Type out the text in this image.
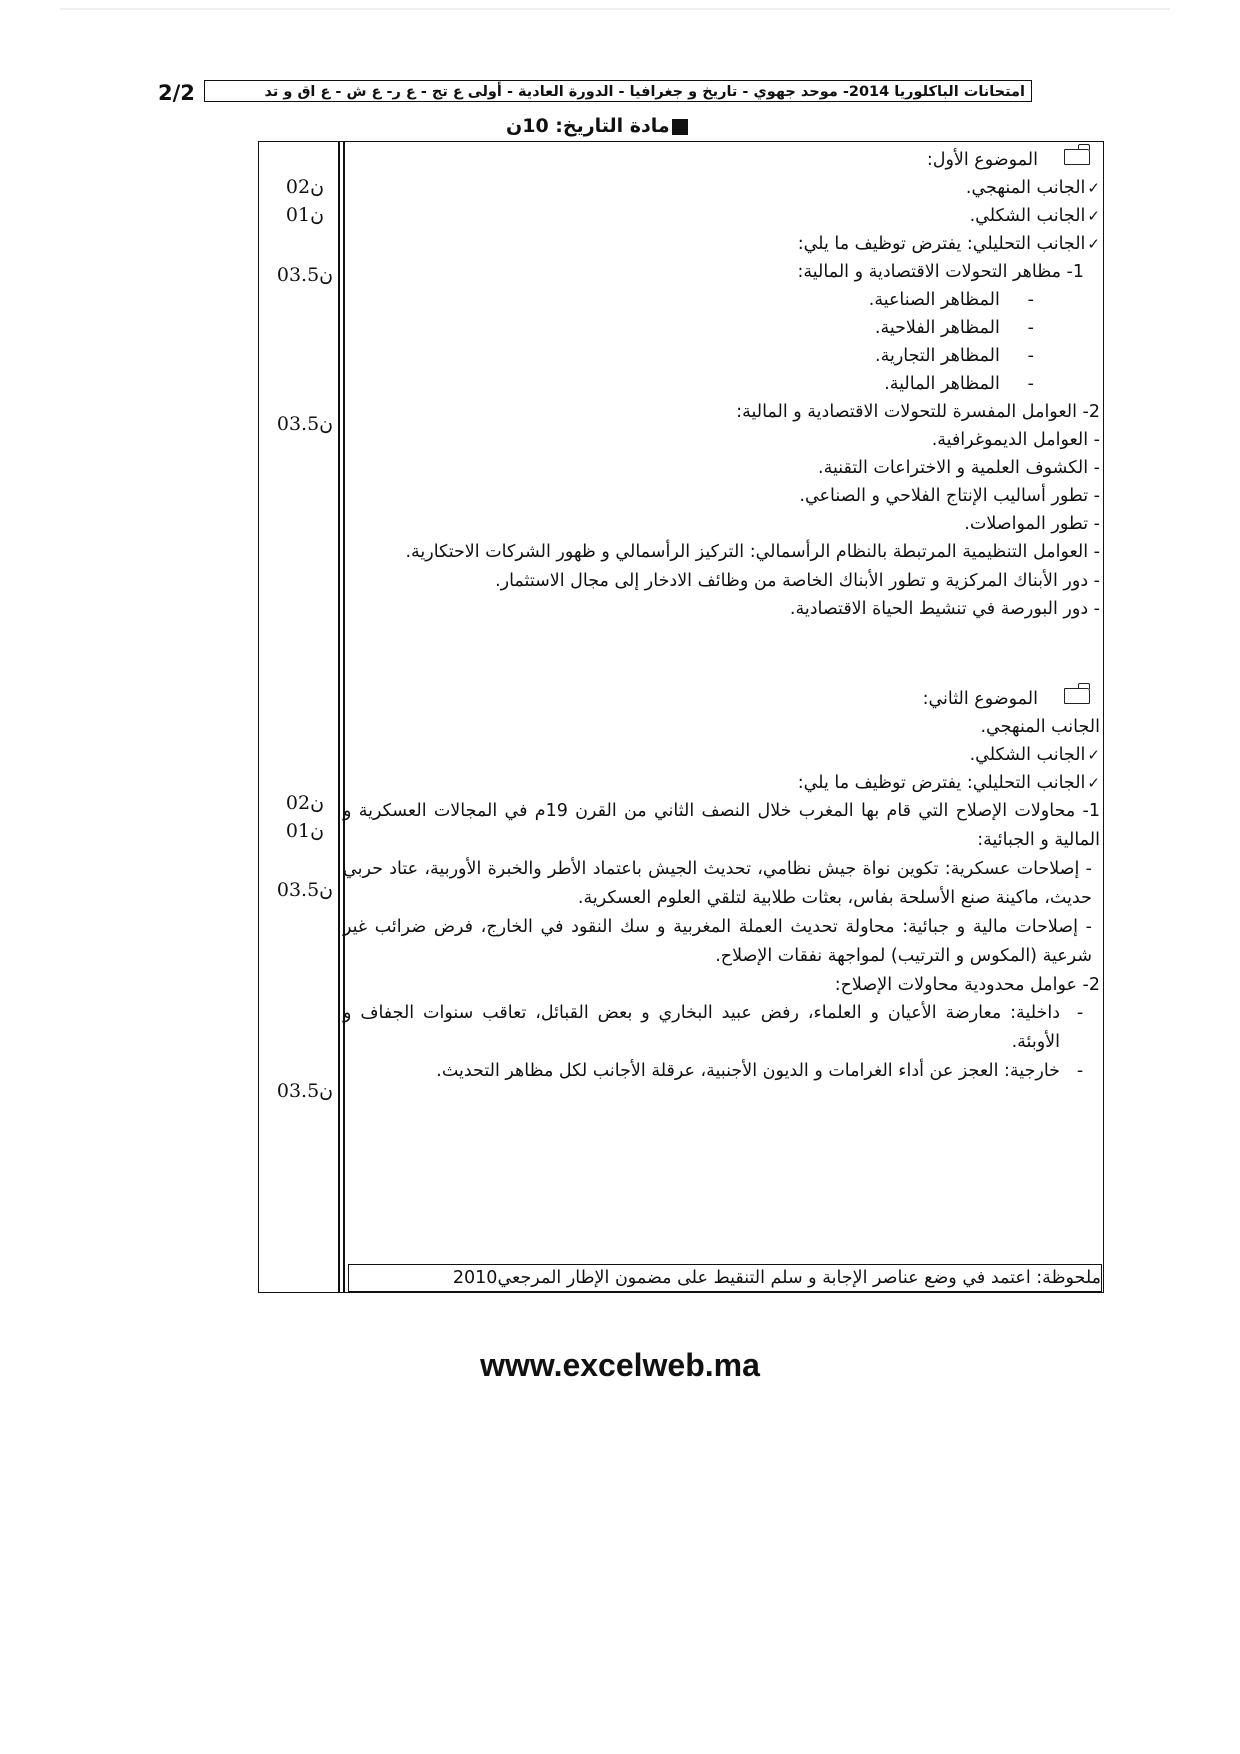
2/2	امتحانات الباكلوريا 2014- موحد جهوي - تاريخ و جغرافيا - الدورة العادية - أولى ع تج - ع ر- ع ش - ع اق و تد
مادة التاريخ: 10ن
02ن
01ن
03.5ن
03.5ن
02ن
01ن
03.5ن
03.5ن
الموضوع الأول:
✓الجانب المنهجي.
✓الجانب الشكلي.
✓الجانب التحليلي: يفترض توظيف ما يلي:
1- مظاهر التحولات الاقتصادية و المالية:
-     المظاهر الصناعية.
-     المظاهر الفلاحية.
-     المظاهر التجارية.
-     المظاهر المالية.
2- العوامل المفسرة للتحولات الاقتصادية و المالية:
- العوامل الديموغرافية.
- الكشوف العلمية و الاختراعات التقنية.
- تطور أساليب الإنتاج الفلاحي و الصناعي.
- تطور المواصلات.
- العوامل التنظيمية المرتبطة بالنظام الرأسمالي: التركيز الرأسمالي و ظهور الشركات الاحتكارية.
- دور الأبناك المركزية و تطور الأبناك الخاصة من وظائف الادخار إلى مجال الاستثمار.
- دور البورصة في تنشيط الحياة الاقتصادية.
الموضوع الثاني:
الجانب المنهجي.
✓الجانب الشكلي.
✓الجانب التحليلي: يفترض توظيف ما يلي:
1- محاولات الإصلاح التي قام بها المغرب خلال النصف الثاني من القرن 19م في المجالات العسكرية و المالية و الجبائية:
- إصلاحات عسكرية: تكوين نواة جيش نظامي، تحديث الجيش باعتماد الأطر والخبرة الأوربية، عتاد حربي حديث، ماكينة صنع الأسلحة بفاس، بعثات طلابية لتلقي العلوم العسكرية.
- إصلاحات مالية و جبائية: محاولة تحديث العملة المغربية و سك النقود في الخارج، فرض ضرائب غير شرعية (المكوس و الترتيب) لمواجهة نفقات الإصلاح.
2- عوامل محدودية محاولات الإصلاح:
-
داخلية: معارضة الأعيان و العلماء، رفض عبيد البخاري و بعض القبائل، تعاقب سنوات الجفاف و الأوبئة.
-
خارجية: العجز عن أداء الغرامات و الديون الأجنبية، عرقلة الأجانب لكل مظاهر التحديث.
ملحوظة: اعتمد في وضع عناصر الإجابة و سلم التنقيط على مضمون الإطار المرجعي2010
www.excelweb.ma
